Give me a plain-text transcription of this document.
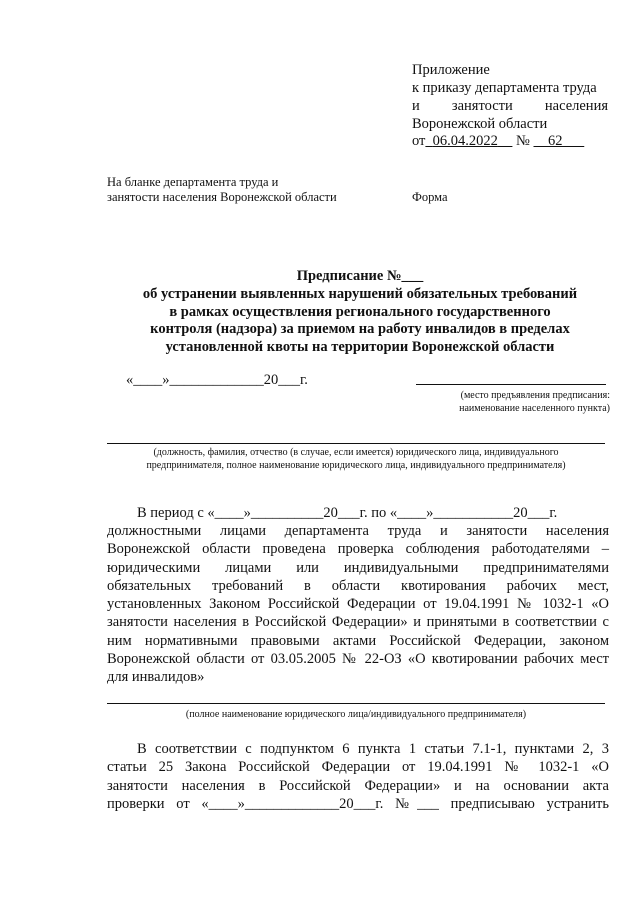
Приложение
к приказу департамента труда
и занятости населения
Воронежской области
от 06.04.2022 № 62
На бланке департамента труда и
занятости населения Воронежской области	Форма
Предписание №___
об устранении выявленных нарушений обязательных требований
в рамках осуществления регионального государственного
контроля (надзора) за приемом на работу инвалидов в пределах
установленной квоты на территории Воронежской области
«____»_____________20___г.
(место предъявления предписания:
наименование населенного пункта)
(должность, фамилия, отчество (в случае, если имеется) юридического лица, индивидуального
предпринимателя, полное наименование юридического лица, индивидуального предпринимателя)
В период с «____»__________20___г. по «____»___________20___г.
должностными лицами департамента труда и занятости населения
Воронежской области проведена проверка соблюдения работодателями –
юридическими лицами или индивидуальными предпринимателями
обязательных требований в области квотирования рабочих мест,
установленных Законом Российской Федерации от 19.04.1991 № 1032-1 «О
занятости населения в Российской Федерации» и принятыми в соответствии с
ним нормативными правовыми актами Российской Федерации, законом
Воронежской области от 03.05.2005 № 22-ОЗ «О квотировании рабочих мест
для инвалидов»
(полное наименование юридического лица/индивидуального предпринимателя)
В соответствии с подпунктом 6 пункта 1 статьи 7.1-1, пунктами 2, 3
статьи 25 Закона Российской Федерации от 19.04.1991 № 1032-1 «О
занятости населения в Российской Федерации» и на основании акта
проверки от «____»_____________20___г. №___ предписываю устранить
